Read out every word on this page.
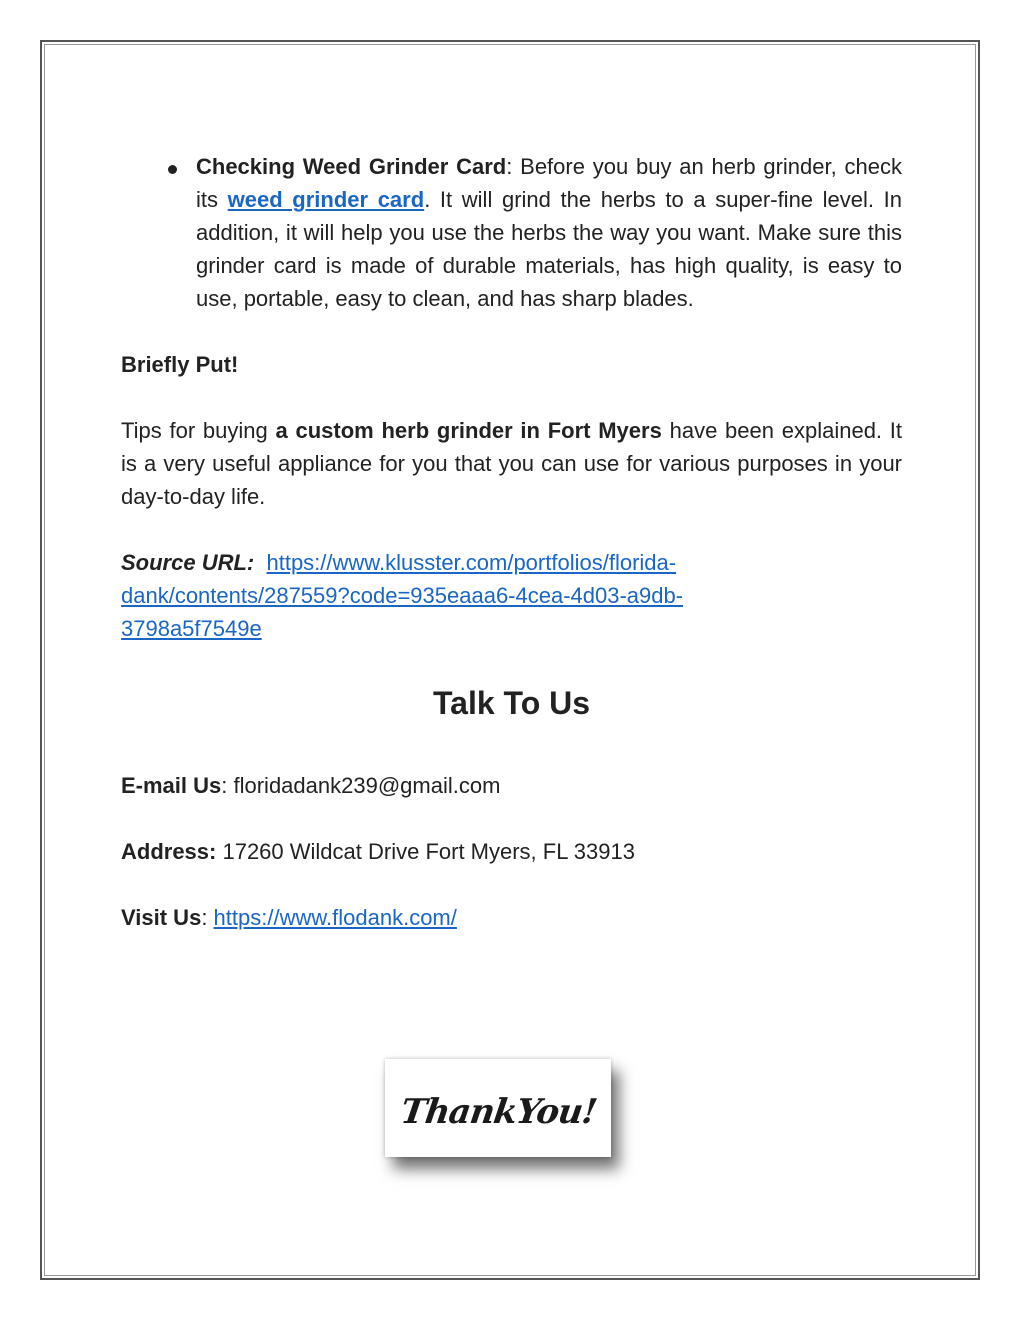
Checking Weed Grinder Card: Before you buy an herb grinder, check its weed grinder card. It will grind the herbs to a super-fine level. In addition, it will help you use the herbs the way you want. Make sure this grinder card is made of durable materials, has high quality, is easy to use, portable, easy to clean, and has sharp blades.
Briefly Put!
Tips for buying a custom herb grinder in Fort Myers have been explained. It is a very useful appliance for you that you can use for various purposes in your day-to-day life.
Source URL: https://www.klusster.com/portfolios/florida-
dank/contents/287559?code=935eaaa6-4cea-4d03-a9db-
3798a5f7549e
Talk To Us
E-mail Us: floridadank239@gmail.com
Address: 17260 Wildcat Drive Fort Myers, FL 33913
Visit Us: https://www.flodank.com/
ThankYou!
